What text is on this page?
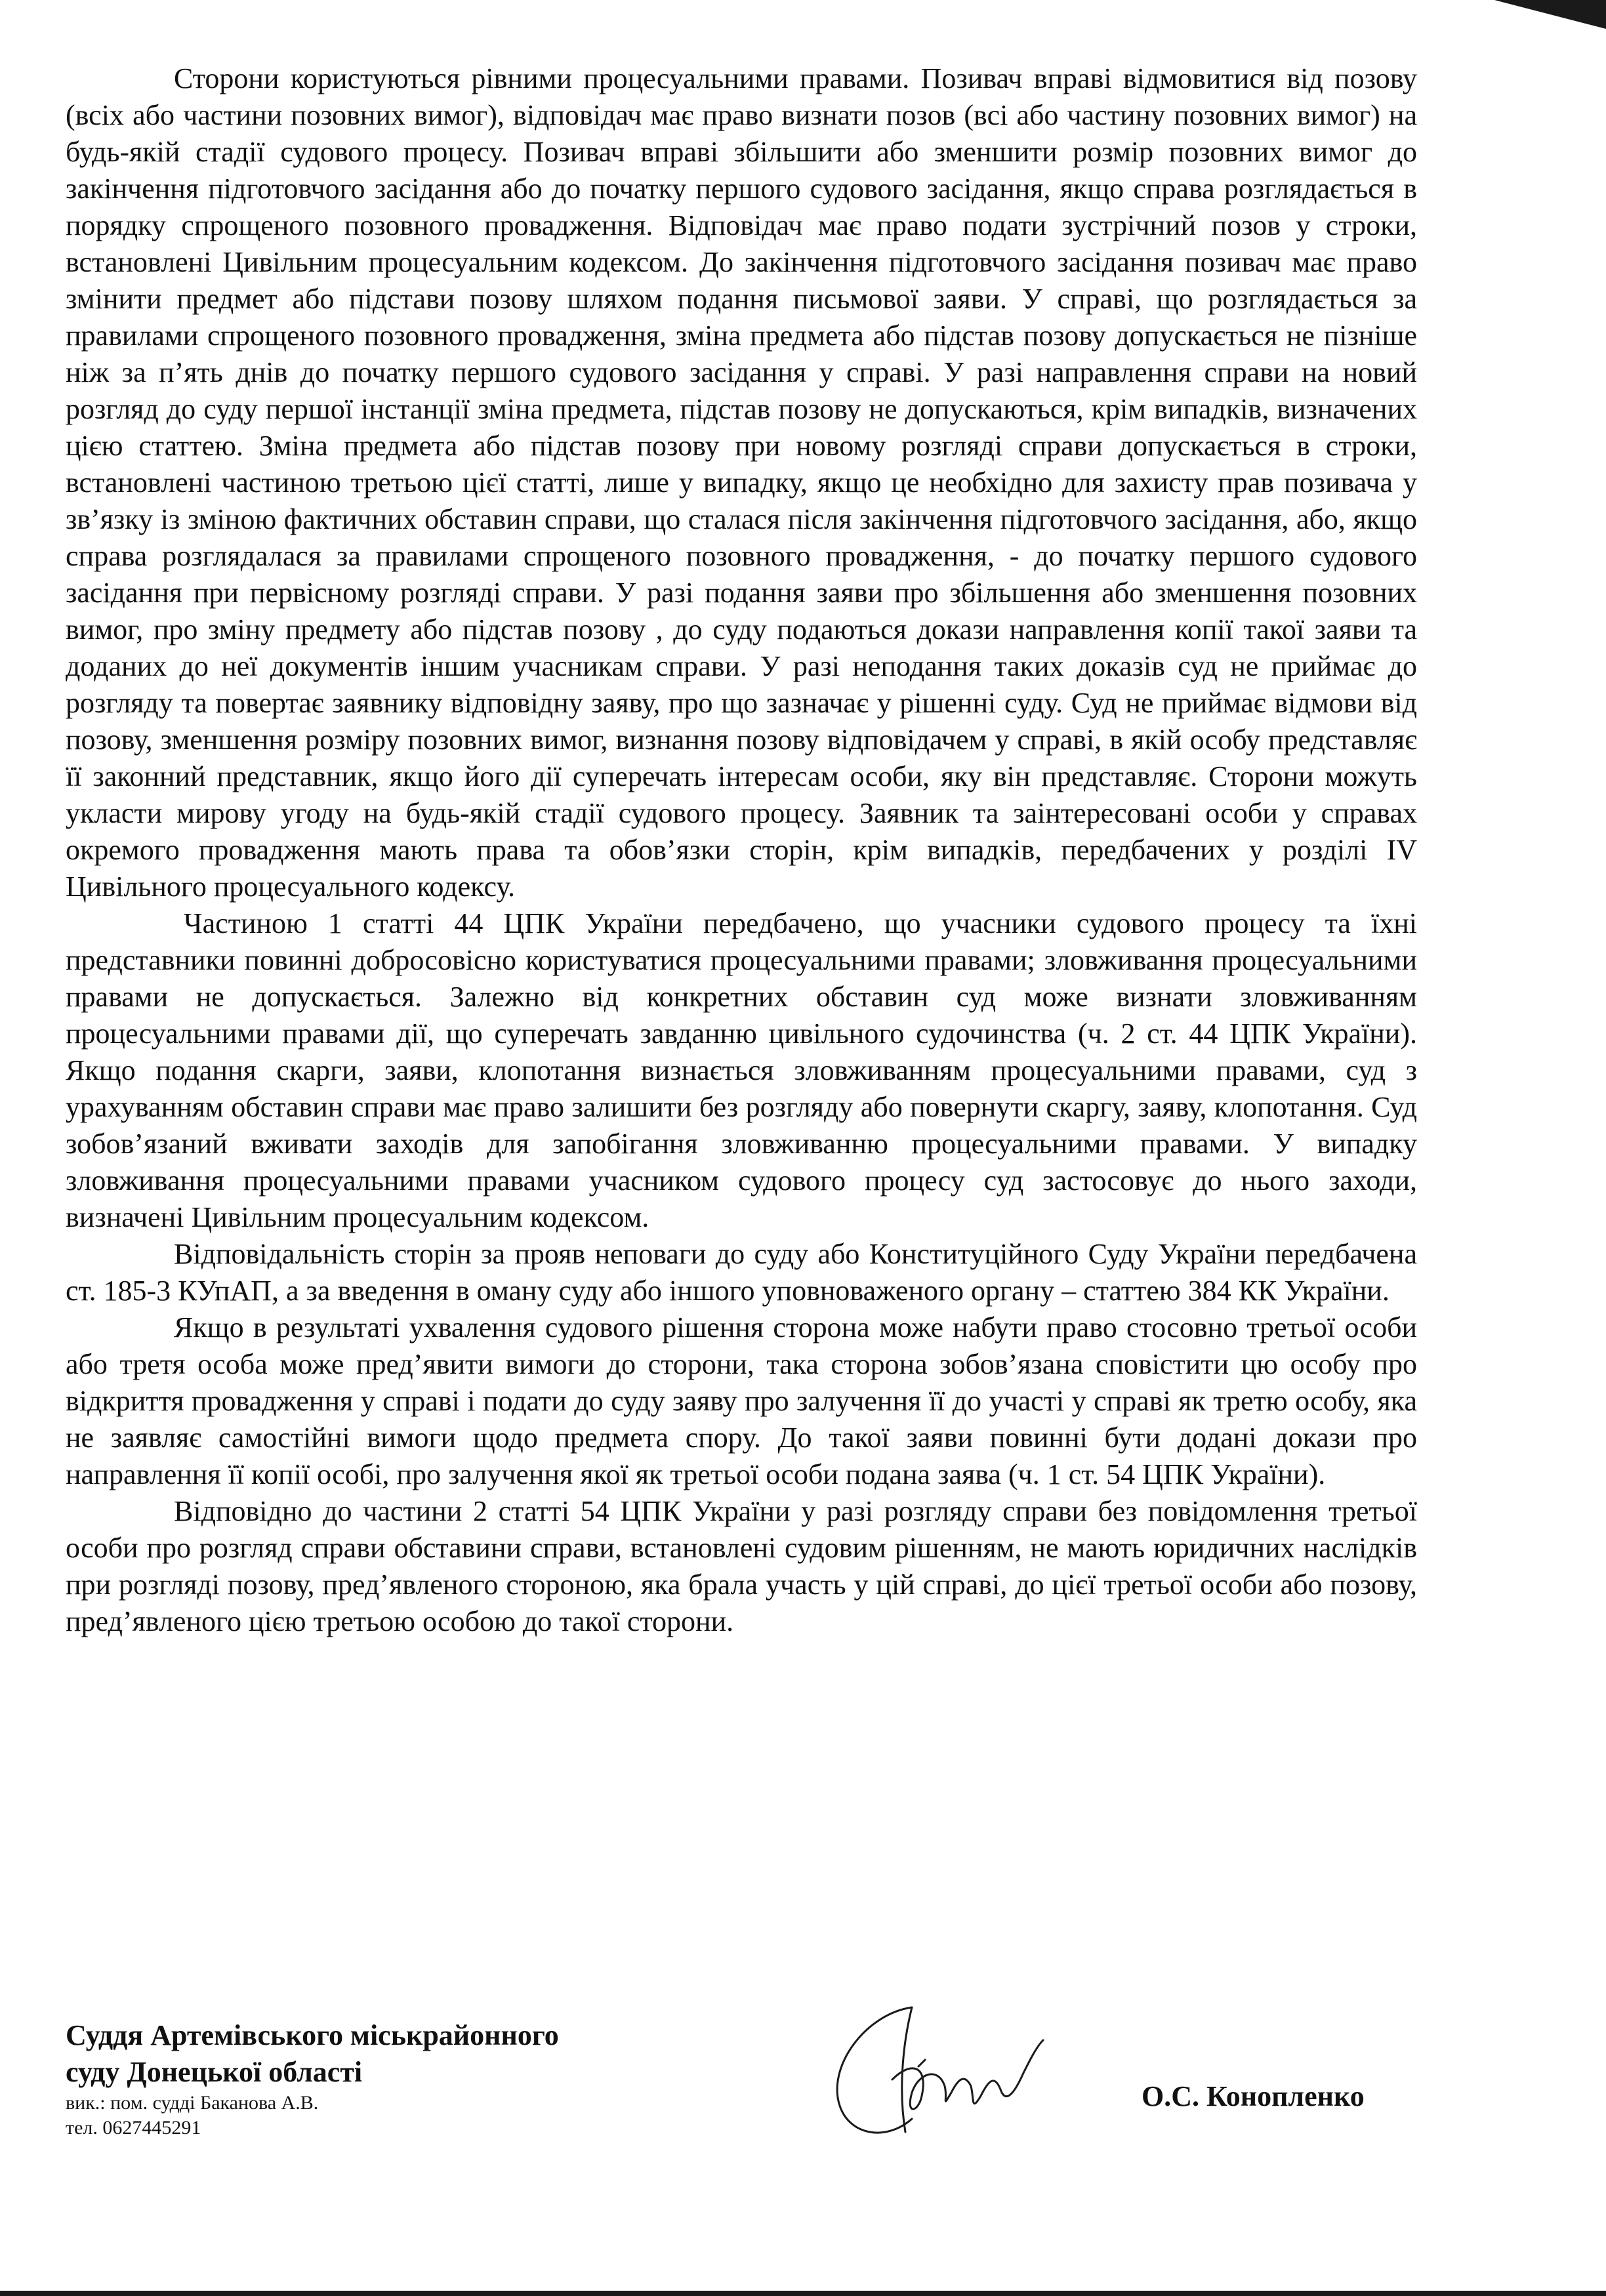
Сторони користуються рівними процесуальними правами. Позивач вправі відмовитися від позову (всіх або частини позовних вимог), відповідач має право визнати позов (всі або частину позовних вимог) на будь-якій стадії судового процесу. Позивач вправі збільшити або зменшити розмір позовних вимог до закінчення підготовчого засідання або до початку першого судового засідання, якщо справа розглядається в порядку спрощеного позовного провадження. Відповідач має право подати зустрічний позов у строки, встановлені Цивільним процесуальним кодексом. До закінчення підготовчого засідання позивач має право змінити предмет або підстави позову шляхом подання письмової заяви. У справі, що розглядається за правилами спрощеного позовного провадження, зміна предмета або підстав позову допускається не пізніше ніж за п’ять днів до початку першого судового засідання у справі. У разі направлення справи на новий розгляд до суду першої інстанції зміна предмета, підстав позову не допускаються, крім випадків, визначених цією статтею. Зміна предмета або підстав позову при новому розгляді справи допускається в строки, встановлені частиною третьою цієї статті, лише у випадку, якщо це необхідно для захисту прав позивача у зв’язку із зміною фактичних обставин справи, що сталася після закінчення підготовчого засідання, або, якщо справа розглядалася за правилами спрощеного позовного провадження, - до початку першого судового засідання при первісному розгляді справи. У разі подання заяви про збільшення або зменшення позовних вимог, про зміну предмету або підстав позову , до суду подаються докази направлення копії такої заяви та доданих до неї документів іншим учасникам справи. У разі неподання таких доказів суд не приймає до розгляду та повертає заявнику відповідну заяву, про що зазначає у рішенні суду. Суд не приймає відмови від позову, зменшення розміру позовних вимог, визнання позову відповідачем у справі, в якій особу представляє її законний представник, якщо його дії суперечать інтересам особи, яку він представляє. Сторони можуть укласти мирову угоду на будь-якій стадії судового процесу. Заявник та заінтересовані особи у справах окремого провадження мають права та обов’язки сторін, крім випадків, передбачених у розділі IV Цивільного процесуального кодексу.

Частиною 1 статті 44 ЦПК України передбачено, що учасники судового процесу та їхні представники повинні добросовісно користуватися процесуальними правами; зловживання процесуальними правами не допускається. Залежно від конкретних обставин суд може визнати зловживанням процесуальними правами дії, що суперечать завданню цивільного судочинства (ч. 2 ст. 44 ЦПК України). Якщо подання скарги, заяви, клопотання визнається зловживанням процесуальними правами, суд з урахуванням обставин справи має право залишити без розгляду або повернути скаргу, заяву, клопотання. Суд зобов’язаний вживати заходів для запобігання зловживанню процесуальними правами. У випадку зловживання процесуальними правами учасником судового процесу суд застосовує до нього заходи, визначені Цивільним процесуальним кодексом.

Відповідальність сторін за прояв неповаги до суду або Конституційного Суду України передбачена ст. 185-3 КУпАП, а за введення в оману суду або іншого уповноваженого органу – статтею 384 КК України.

Якщо в результаті ухвалення судового рішення сторона може набути право стосовно третьої особи або третя особа може пред’явити вимоги до сторони, така сторона зобов’язана сповістити цю особу про відкриття провадження у справі і подати до суду заяву про залучення її до участі у справі як третю особу, яка не заявляє самостійні вимоги щодо предмета спору. До такої заяви повинні бути додані докази про направлення її копії особі, про залучення якої як третьої особи подана заява (ч. 1 ст. 54 ЦПК України).

Відповідно до частини 2 статті 54 ЦПК України у разі розгляду справи без повідомлення третьої особи про розгляд справи обставини справи, встановлені судовим рішенням, не мають юридичних наслідків при розгляді позову, пред’явленого стороною, яка брала участь у цій справі, до цієї третьої особи або позову, пред’явленого цією третьою особою до такої сторони.

Суддя Артемівського міськрайонного
суду Донецької області
вик.: пом. судді Баканова А.В.
тел. 0627445291
О.С. Конопленко
